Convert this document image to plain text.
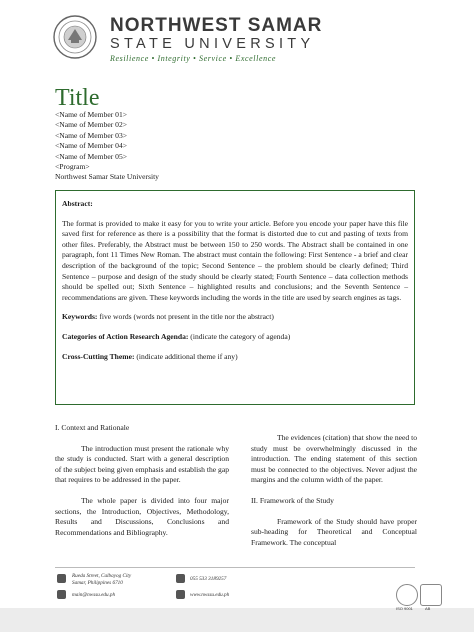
NORTHWEST SAMAR
STATE UNIVERSITY
Resilience • Integrity • Service • Excellence
Title
<Name of Member 01>
<Name of Member 02>
<Name of Member 03>
<Name of Member 04>
<Name of Member 05>
<Program>
Northwest Samar State University
Abstract:

The format is provided to make it easy for you to write your article. Before you encode your paper have this file saved first for reference as there is a possibility that the format is distorted due to cut and pasting of texts from other files. Preferably, the Abstract must be between 150 to 250 words. The Abstract shall be contained in one paragraph, font 11 Times New Roman. The abstract must contain the following: First Sentence - a brief and clear description of the background of the topic; Second Sentence – the problem should be clearly defined; Third Sentence – purpose and design of the study should be clearly stated; Fourth Sentence – data collection methods should be spelled out; Sixth Sentence – highlighted results and conclusions; and the Seventh Sentence – recommendations are given. These keywords including the words in the title are used by search engines as tags.

Keywords: five words (words not present in the title nor the abstract)

Categories of Action Research Agenda: (indicate the category of agenda)

Cross-Cutting Theme: (indicate additional theme if any)

I. Context and Rationale

The introduction must present the rationale why the study is conducted. Start with a general description of the subject being given emphasis and establish the gap that requires to be addressed in the paper.

The whole paper is divided into four major sections, the Introduction, Objectives, Methodology, Results and Discussions, Conclusions and Recommendations and Bibliography.

The evidences (citation) that show the need to study must be overwhelmingly discussed in the introduction. The ending statement of this section must be connected to the objectives. Never adjust the margins and the column width of the paper.

II. Framework of the Study

Framework of the Study should have proper sub-heading for Theoretical and Conceptual Framework. The conceptual

Rueda Street, Calbayog City
Samar, Philippines 6710
main@nwssu.edu.ph
055 533 3189257
www.nwssu.edu.ph
ISO 9001	AB
